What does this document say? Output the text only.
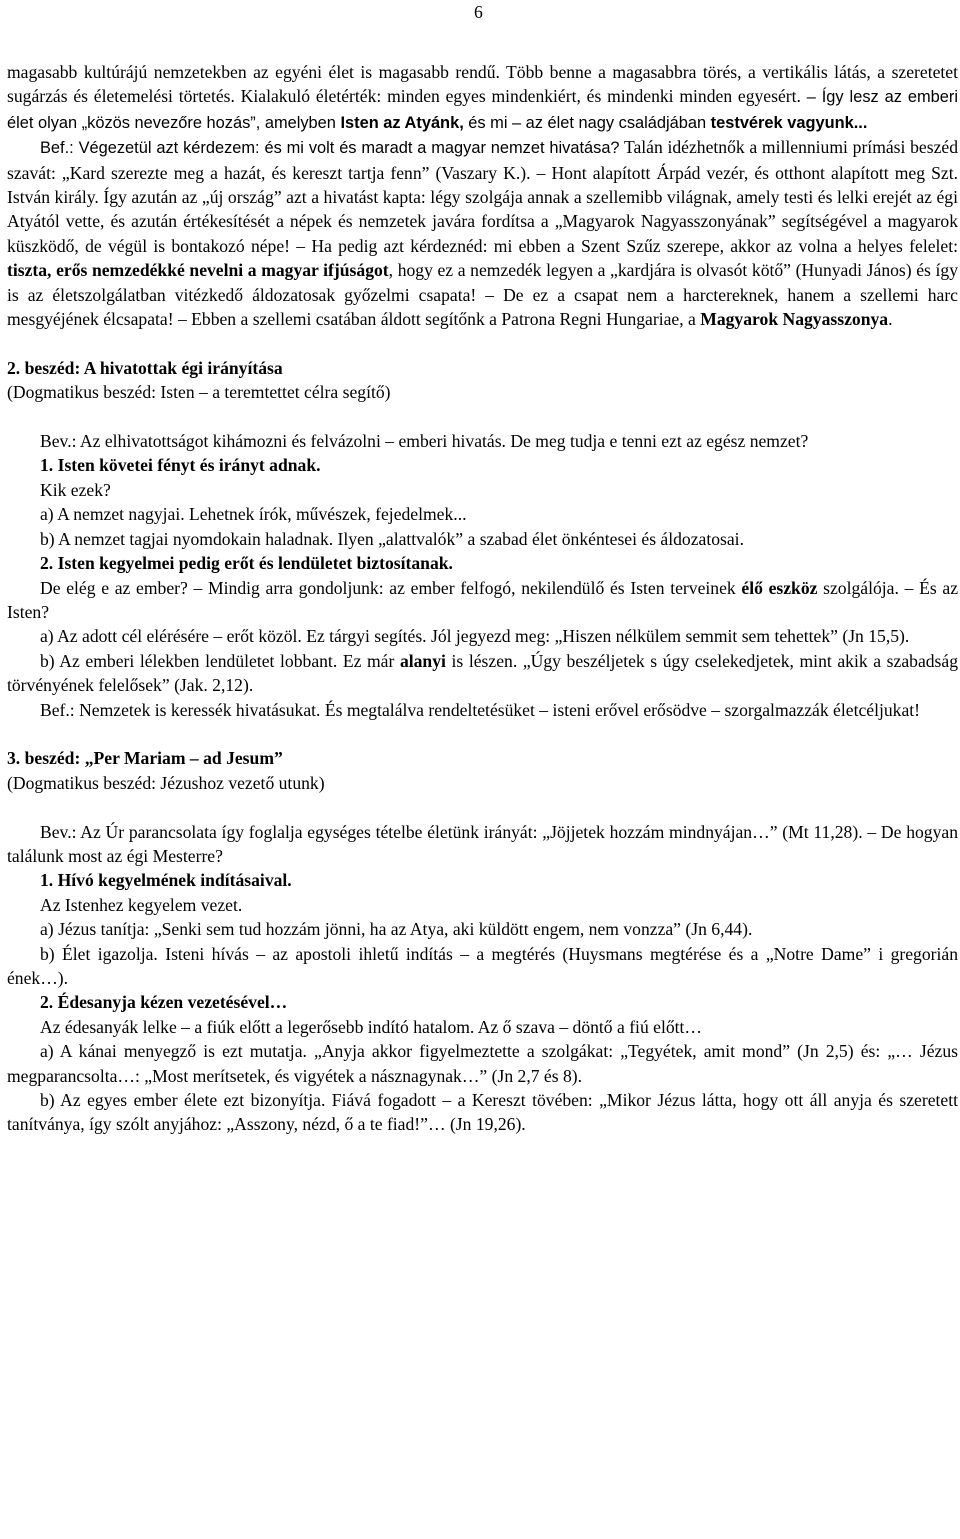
6

magasabb kultúrájú nemzetekben az egyéni élet is magasabb rendű. Több benne a magasabbra törés, a vertikális látás, a szeretetet sugárzás és életemelési törtetés. Kialakuló életérték: minden egyes mindenkiért, és mindenki minden egyesért. – Így lesz az emberi élet olyan „közös nevezőre hozás”, amelyben Isten az Atyánk, és mi – az élet nagy családjában testvérek vagyunk...

Bef.: Végezetül azt kérdezem: és mi volt és maradt a magyar nemzet hivatása? Talán idézhetnők a millenniumi prímási beszéd szavát: „Kard szerezte meg a hazát, és kereszt tartja fenn” (Vaszary K.). – Hont alapított Árpád vezér, és otthont alapított meg Szt. István király. Így azután az „új ország” azt a hivatást kapta: légy szolgája annak a szellemibb világnak, amely testi és lelki erejét az égi Atyától vette, és azután értékesítését a népek és nemzetek javára fordítsa a „Magyarok Nagyasszonyának” segítségével a magyarok küszködő, de végül is bontakozó népe! – Ha pedig azt kérdeznéd: mi ebben a Szent Szűz szerepe, akkor az volna a helyes felelet: tiszta, erős nemzedékké nevelni a magyar ifjúságot, hogy ez a nemzedék legyen a „kardjára is olvasót kötő” (Hunyadi János) és így is az életszolgálatban vitézkedő áldozatosak győzelmi csapata! – De ez a csapat nem a harctereknek, hanem a szellemi harc mesgyéjének élcsapata! – Ebben a szellemi csatában áldott segítőnk a Patrona Regni Hungariae, a Magyarok Nagyasszonya.

2. beszéd: A hivatottak égi irányítása

(Dogmatikus beszéd: Isten – a teremtettet célra segítő)

Bev.: Az elhivatottságot kihámozni és felvázolni – emberi hivatás. De meg tudja e tenni ezt az egész nemzet?

1. Isten követei fényt és irányt adnak.

Kik ezek?

a) A nemzet nagyjai. Lehetnek írók, művészek, fejedelmek...

b) A nemzet tagjai nyomdokain haladnak. Ilyen „alattvalók” a szabad élet önkéntesei és áldozatosai.

2. Isten kegyelmei pedig erőt és lendületet biztosítanak.

De elég e az ember? – Mindig arra gondoljunk: az ember felfogó, nekilendülő és Isten terveinek élő eszköz szolgálója. – És az Isten?

a) Az adott cél elérésére – erőt közöl. Ez tárgyi segítés. Jól jegyezd meg: „Hiszen nélkülem semmit sem tehettek” (Jn 15,5).

b) Az emberi lélekben lendületet lobbant. Ez már alanyi is lészen. „Úgy beszéljetek s úgy cselekedjetek, mint akik a szabadság törvényének felelősek” (Jak. 2,12).

Bef.: Nemzetek is keressék hivatásukat. És megtalálva rendeltetésüket – isteni erővel erősödve – szorgalmazzák életcéljukat!

3. beszéd: „Per Mariam – ad Jesum”

(Dogmatikus beszéd: Jézushoz vezető utunk)

Bev.: Az Úr parancsolata így foglalja egységes tételbe életünk irányát: „Jöjjetek hozzám mindnyájan…” (Mt 11,28). – De hogyan találunk most az égi Mesterre?

1. Hívó kegyelmének indításaival.

Az Istenhez kegyelem vezet.

a) Jézus tanítja: „Senki sem tud hozzám jönni, ha az Atya, aki küldött engem, nem vonzza” (Jn 6,44).

b) Élet igazolja. Isteni hívás – az apostoli ihletű indítás – a megtérés (Huysmans megtérése és a „Notre Dame” i gregorián ének…).

2. Édesanyja kézen vezetésével…

Az édesanyák lelke – a fiúk előtt a legerősebb indító hatalom. Az ő szava – döntő a fiú előtt…

a) A kánai menyegző is ezt mutatja. „Anyja akkor figyelmeztette a szolgákat: „Tegyétek, amit mond” (Jn 2,5) és: „… Jézus megparancsolta…: „Most merítsetek, és vigyétek a násznagynak…” (Jn 2,7 és 8).

b) Az egyes ember élete ezt bizonyítja. Fiává fogadott – a Kereszt tövében: „Mikor Jézus látta, hogy ott áll anyja és szeretett tanítványa, így szólt anyjához: „Asszony, nézd, ő a te fiad!”… (Jn 19,26).
